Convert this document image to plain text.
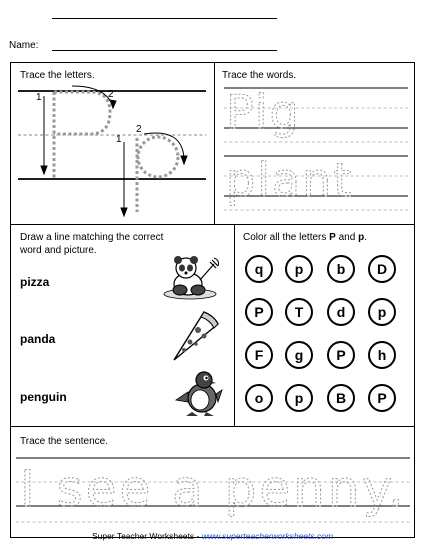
Name:
Trace the letters.
1	2
1
2
Trace the words.
Pig
plant
Draw a line matching the correct
word and picture.
pizza
panda
penguin
Color all the letters P and p.
q	p	b	D
P	T	d	p
F	g	P	h
o	p	B	P
Trace the sentence.
I see a penny.
Super Teacher Worksheets - www.superteacherworksheets.com
